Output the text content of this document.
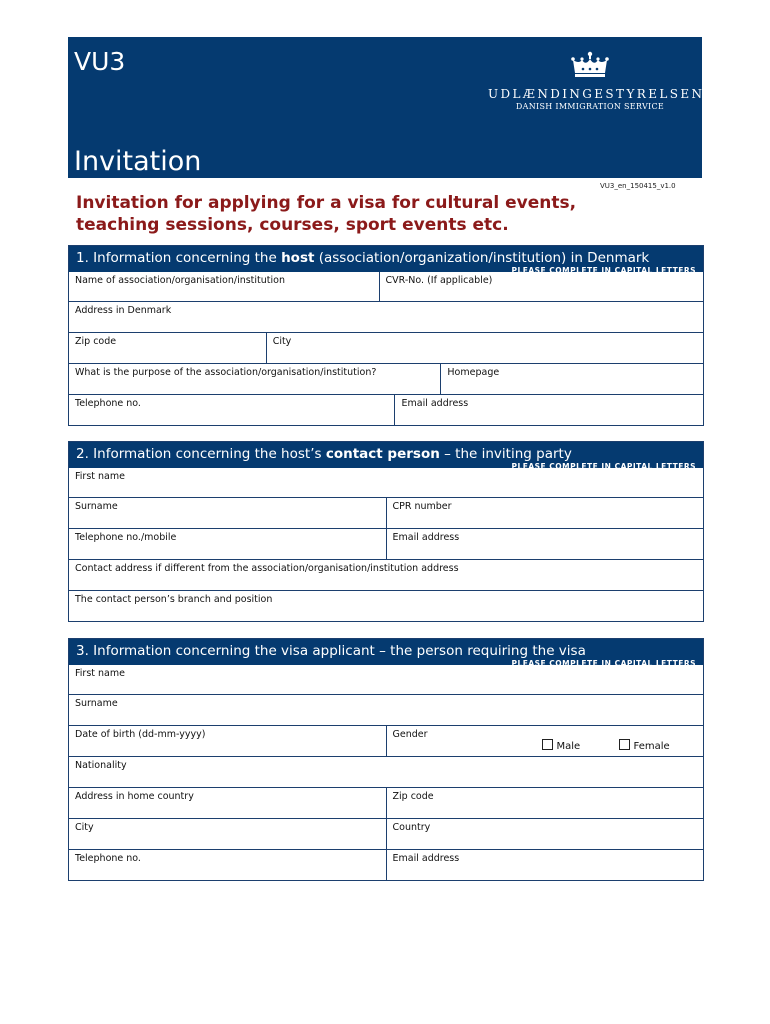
VU3
UDLÆNDINGESTYRELSEN
DANISH IMMIGRATION SERVICE
Invitation
VU3_en_150415_v1.0
Invitation for applying for a visa for cultural events, teaching sessions, courses, sport events etc.
1. Information concerning the host (association/organization/institution) in Denmark
PLEASE COMPLETE IN CAPITAL LETTERS
Name of association/organisation/institution	CVR-No. (If applicable)
Address in Denmark
Zip code	City
What is the purpose of the association/organisation/institution?	Homepage
Telephone no.	Email address
2. Information concerning the host’s contact person – the inviting party
PLEASE COMPLETE IN CAPITAL LETTERS
First name
Surname	CPR number
Telephone no./mobile	Email address
Contact address if different from the association/organisation/institution address
The contact person’s branch and position
3. Information concerning the visa applicant – the person requiring the visa
PLEASE COMPLETE IN CAPITAL LETTERS
First name
Surname
Date of birth (dd-mm-yyyy)	Gender
Male	Female
Nationality
Address in home country	Zip code
City	Country
Telephone no.	Email address
